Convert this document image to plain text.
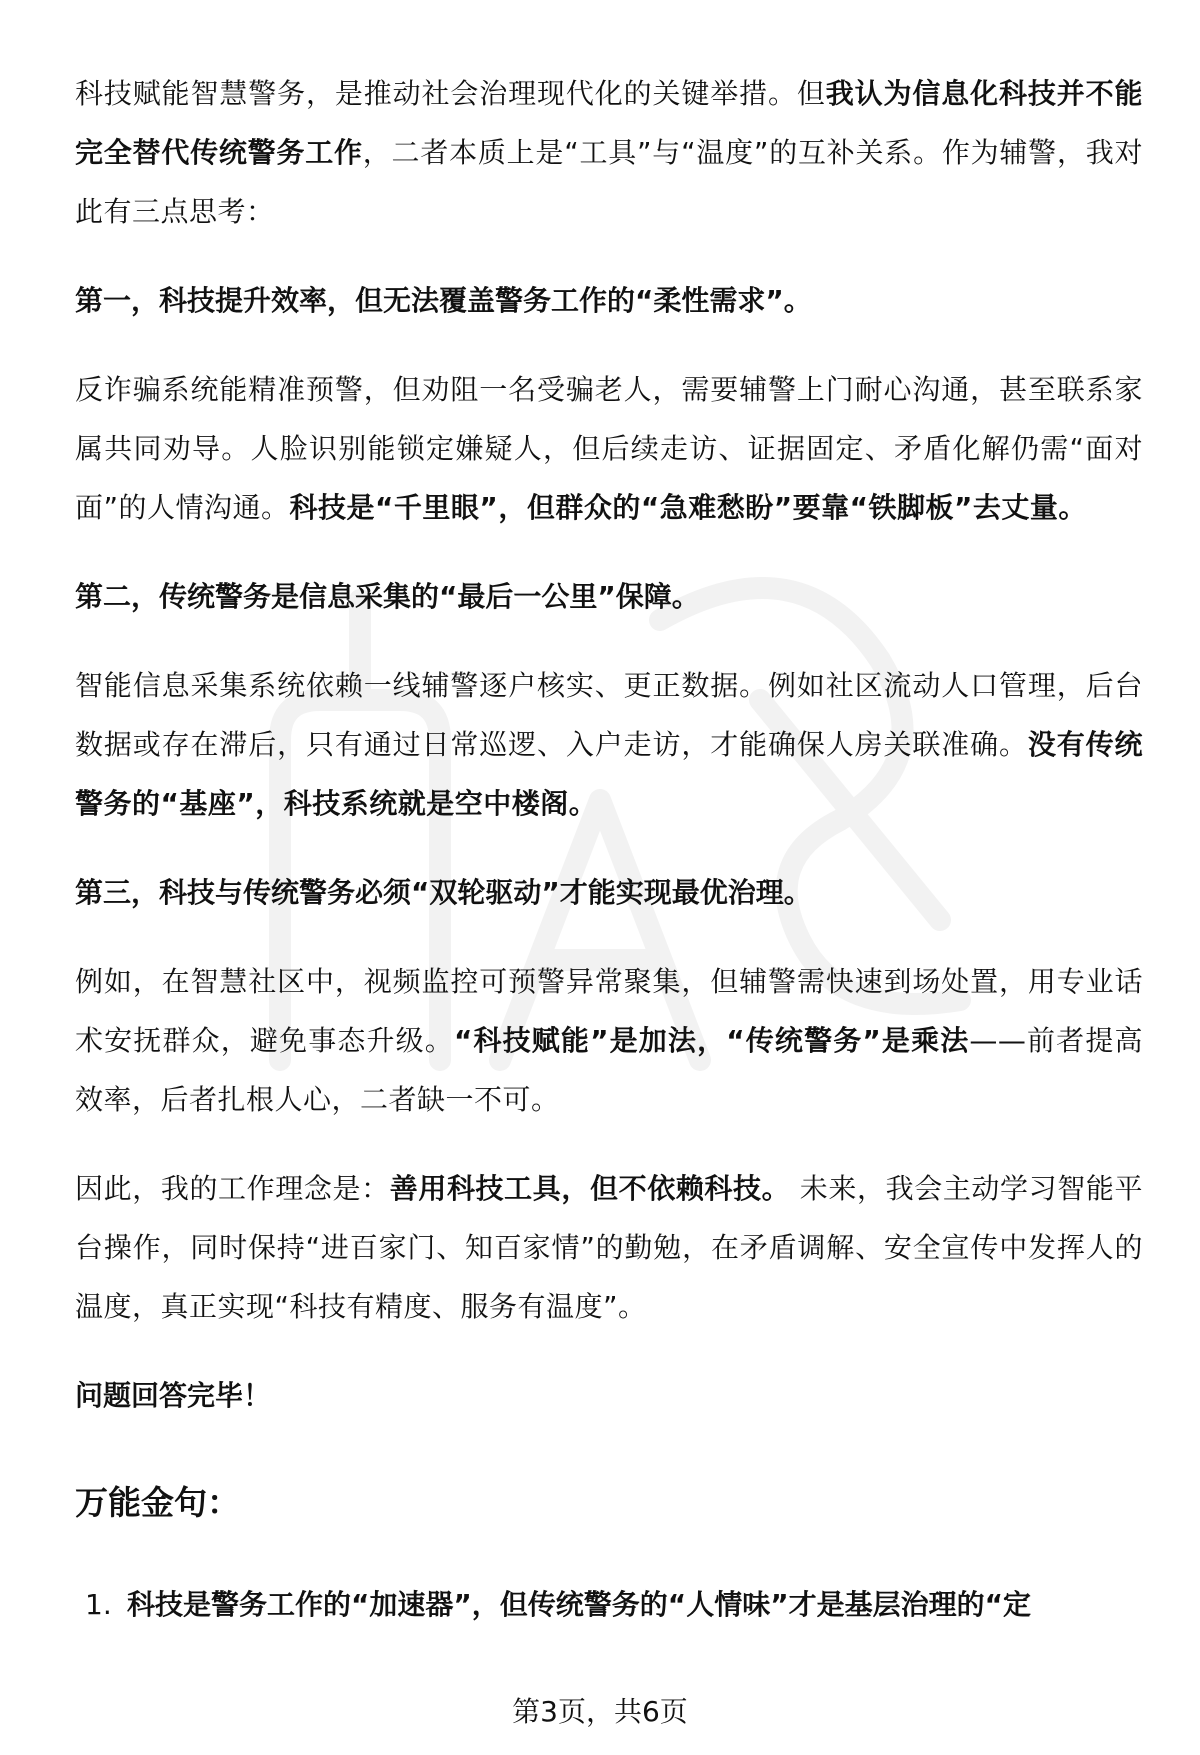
科技赋能智慧警务，是推动社会治理现代化的关键举措。但我认为信息化科技并不能完全替代传统警务工作，二者本质上是“工具”与“温度”的互补关系。作为辅警，我对此有三点思考：

第一，科技提升效率，但无法覆盖警务工作的“柔性需求”。

反诈骗系统能精准预警，但劝阻一名受骗老人，需要辅警上门耐心沟通，甚至联系家属共同劝导。人脸识别能锁定嫌疑人，但后续走访、证据固定、矛盾化解仍需“面对面”的人情沟通。科技是“千里眼”，但群众的“急难愁盼”要靠“铁脚板”去丈量。

第二，传统警务是信息采集的“最后一公里”保障。

智能信息采集系统依赖一线辅警逐户核实、更正数据。例如社区流动人口管理，后台数据或存在滞后，只有通过日常巡逻、入户走访，才能确保人房关联准确。没有传统警务的“基座”，科技系统就是空中楼阁。

第三，科技与传统警务必须“双轮驱动”才能实现最优治理。

例如，在智慧社区中，视频监控可预警异常聚集，但辅警需快速到场处置，用专业话术安抚群众，避免事态升级。“科技赋能”是加法，“传统警务”是乘法——前者提高效率，后者扎根人心，二者缺一不可。

因此，我的工作理念是：善用科技工具，但不依赖科技。 未来，我会主动学习智能平台操作，同时保持“进百家门、知百家情”的勤勉，在矛盾调解、安全宣传中发挥人的温度，真正实现“科技有精度、服务有温度”。

问题回答完毕！

万能金句：
1. 科技是警务工作的“加速器”，但传统警务的“人情味”才是基层治理的“定
第3页，共6页
